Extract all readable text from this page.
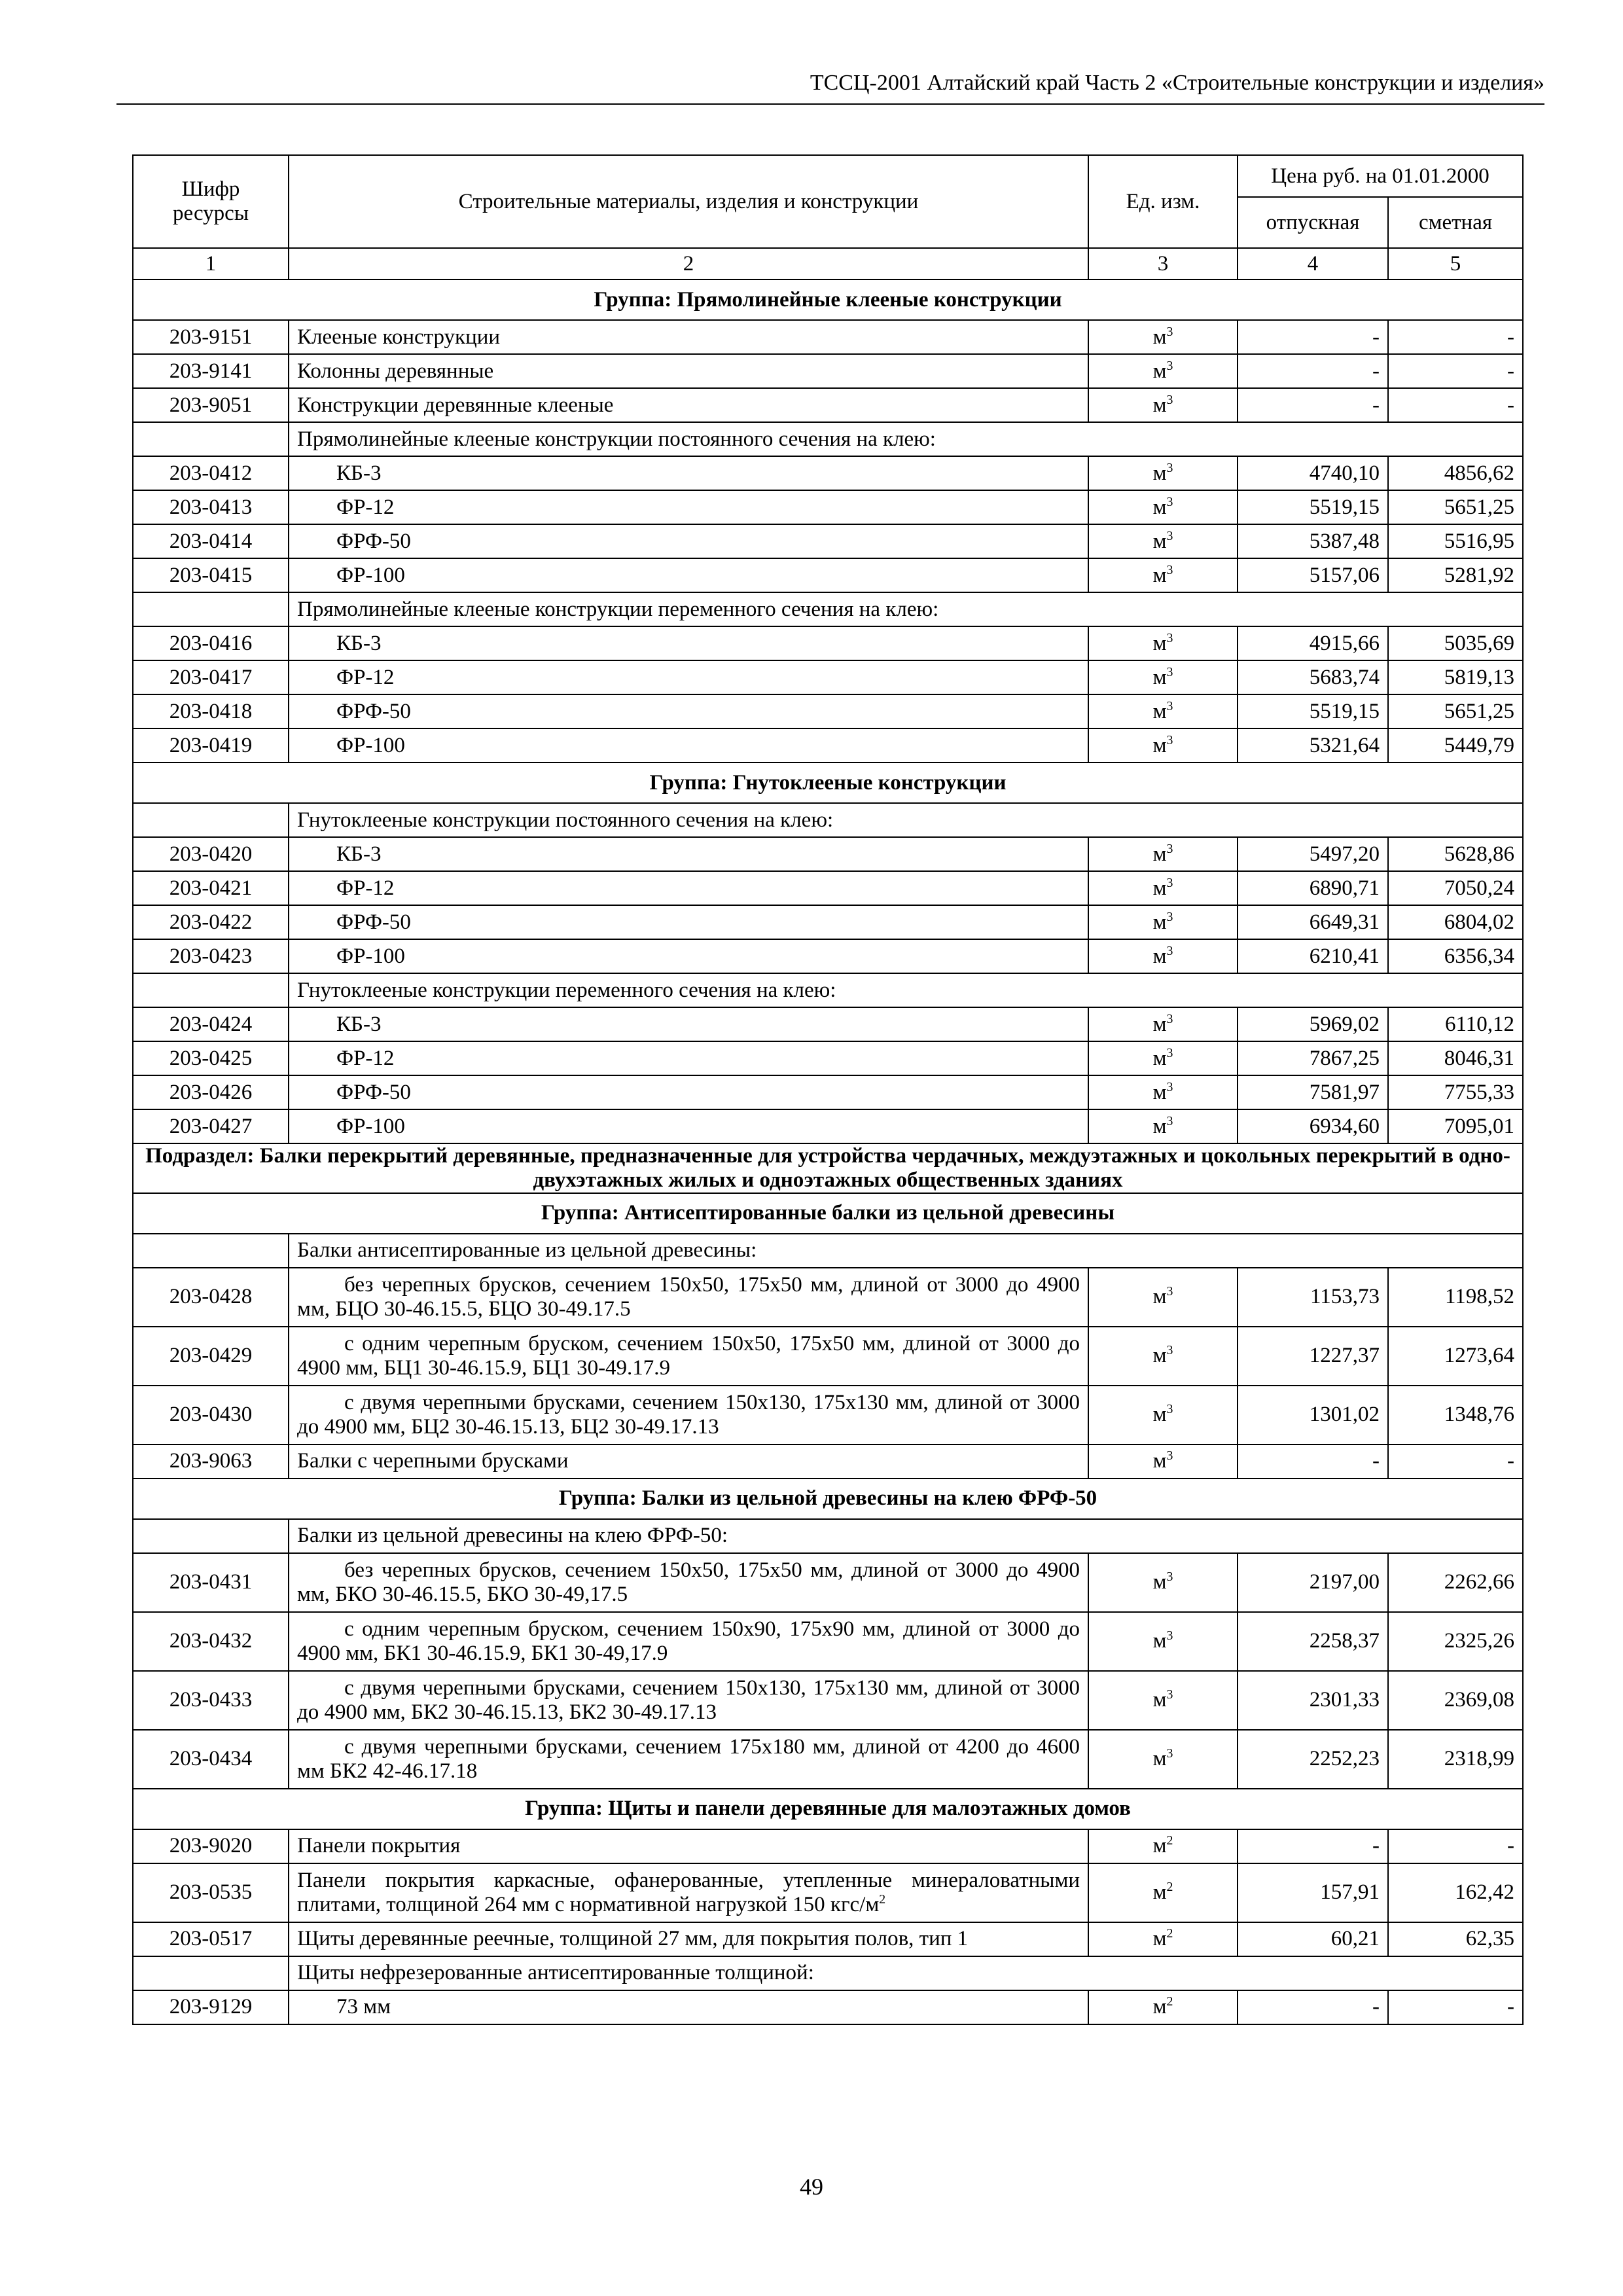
ТССЦ-2001 Алтайский край Часть 2 «Строительные конструкции и изделия»
Шифр ресурсы	Строительные материалы, изделия и конструкции	Ед. изм.	Цена руб. на 01.01.2000	
			отпускная	сметная
1	2	3	4	5
Группа: Прямолинейные клееные конструкции				
203-9151	Клееные конструкции	$м^3$	-	-
203-9141	Колонны деревянные	$м^3$	-	-
203-9051	Конструкции деревянные клееные	$м^3$	-	-
	Прямолинейные клееные конструкции постоянного сечения на клею:			
203-0412	КБ-3	$м^3$	4740,10	4856,62
203-0413	ФР-12	$м^3$	5519,15	5651,25
203-0414	ФРФ-50	$м^3$	5387,48	5516,95
203-0415	ФР-100	$м^3$	5157,06	5281,92
	Прямолинейные клееные конструкции переменного сечения на клею:			
203-0416	КБ-3	$м^3$	4915,66	5035,69
203-0417	ФР-12	$м^3$	5683,74	5819,13
203-0418	ФРФ-50	$м^3$	5519,15	5651,25
203-0419	ФР-100	$м^3$	5321,64	5449,79
Группа: Гнутоклееные конструкции				
	Гнутоклееные конструкции постоянного сечения на клею:			
203-0420	КБ-3	$м^3$	5497,20	5628,86
203-0421	ФР-12	$м^3$	6890,71	7050,24
203-0422	ФРФ-50	$м^3$	6649,31	6804,02
203-0423	ФР-100	$м^3$	6210,41	6356,34
	Гнутоклееные конструкции переменного сечения на клею:			
203-0424	КБ-3	$м^3$	5969,02	6110,12
203-0425	ФР-12	$м^3$	7867,25	8046,31
203-0426	ФРФ-50	$м^3$	7581,97	7755,33
203-0427	ФР-100	$м^3$	6934,60	7095,01
Подраздел: Балки перекрытий деревянные, предназначенные для устройства чердачных, междуэтажных и цокольных перекрытий в одно- двухэтажных жилых и одноэтажных общественных зданиях				
Группа: Антисептированные балки из цельной древесины				
	Балки антисептированные из цельной древесины:			
203-0428	без черепных брусков, сечением 150х50, 175х50 мм, длиной от 3000 до 4900 мм, БЦО 30-46.15.5, БЦО 30-49.17.5	$м^3$	1153,73	1198,52
203-0429	с одним черепным бруском, сечением 150х50, 175х50 мм, длиной от 3000 до 4900 мм, БЦ1 30-46.15.9, БЦ1 30-49.17.9	$м^3$	1227,37	1273,64
203-0430	с двумя черепными брусками, сечением 150х130, 175х130 мм, длиной от 3000 до 4900 мм, БЦ2 30-46.15.13, БЦ2 30-49.17.13	$м^3$	1301,02	1348,76
203-9063	Балки с черепными брусками	$м^3$	-	-
Группа: Балки из цельной древесины на клею ФРФ-50				
	Балки из цельной древесины на клею ФРФ-50:			
203-0431	без черепных брусков, сечением 150х50, 175х50 мм, длиной от 3000 до 4900 мм, БКО 30-46.15.5, БКО 30-49,17.5	$м^3$	2197,00	2262,66
203-0432	с одним черепным бруском, сечением 150х90, 175х90 мм, длиной от 3000 до 4900 мм, БК1 30-46.15.9, БК1 30-49,17.9	$м^3$	2258,37	2325,26
203-0433	с двумя черепными брусками, сечением 150х130, 175х130 мм, длиной от 3000 до 4900 мм, БК2 30-46.15.13, БК2 30-49.17.13	$м^3$	2301,33	2369,08
203-0434	с двумя черепными брусками, сечением 175х180 мм, длиной от 4200 до 4600 мм БК2 42-46.17.18	$м^3$	2252,23	2318,99
Группа: Щиты и панели деревянные для малоэтажных домов				
203-9020	Панели покрытия	$м^2$	-	-
203-0535	Панели покрытия каркасные, офанерованные, утепленные минераловатными плитами, толщиной 264 мм с нормативной нагрузкой 150 кгс/$м^2$	$м^2$	157,91	162,42
203-0517	Щиты деревянные реечные, толщиной 27 мм, для покрытия полов, тип 1	$м^2$	60,21	62,35
	Щиты нефрезерованные антисептированные толщиной:			
203-9129	73 мм	$м^2$	-	-
49
